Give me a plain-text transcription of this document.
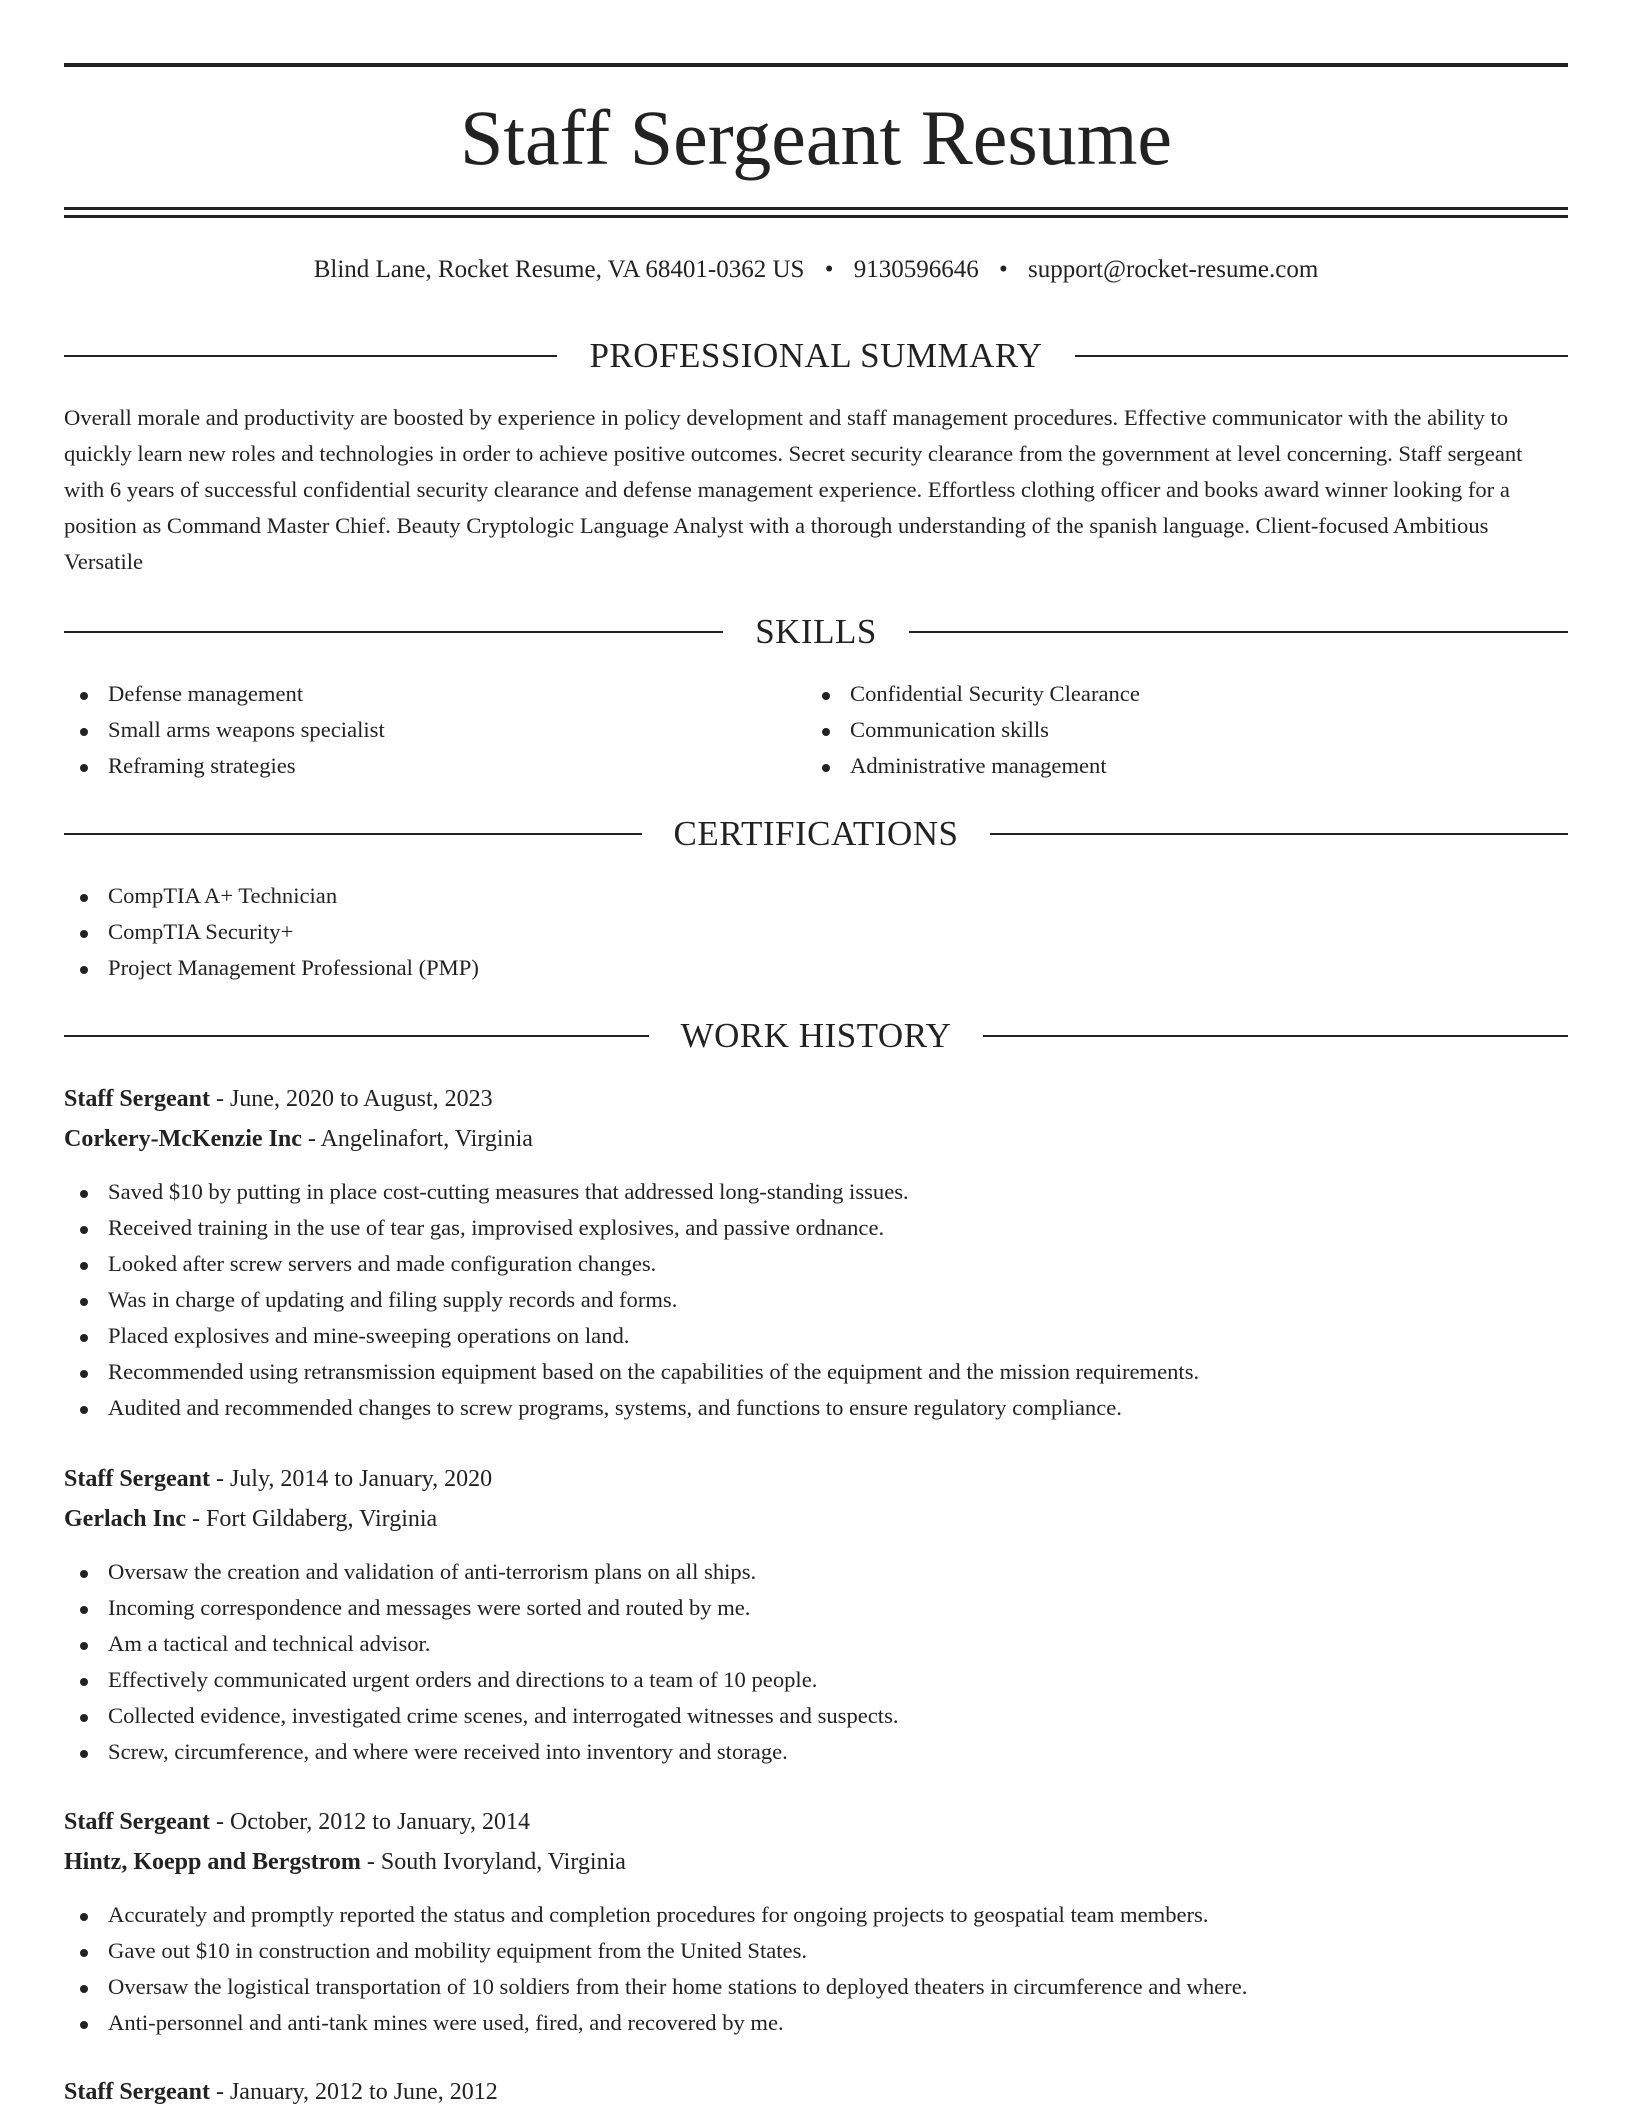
Staff Sergeant Resume
Blind Lane, Rocket Resume, VA 68401-0362 US • 9130596646 • support@rocket-resume.com
PROFESSIONAL SUMMARY

Overall morale and productivity are boosted by experience in policy development and staff management procedures. Effective communicator with the ability to quickly learn new roles and technologies in order to achieve positive outcomes. Secret security clearance from the government at level concerning. Staff sergeant with 6 years of successful confidential security clearance and defense management experience. Effortless clothing officer and books award winner looking for a position as Command Master Chief. Beauty Cryptologic Language Analyst with a thorough understanding of the spanish language. Client-focused Ambitious Versatile

SKILLS
Defense management
Small arms weapons specialist
Reframing strategies
Confidential Security Clearance
Communication skills
Administrative management
CERTIFICATIONS
CompTIA A+ Technician
CompTIA Security+
Project Management Professional (PMP)
WORK HISTORY
Staff Sergeant - June, 2020 to August, 2023
Corkery-McKenzie Inc - Angelinafort, Virginia
Saved $10 by putting in place cost-cutting measures that addressed long-standing issues.
Received training in the use of tear gas, improvised explosives, and passive ordnance.
Looked after screw servers and made configuration changes.
Was in charge of updating and filing supply records and forms.
Placed explosives and mine-sweeping operations on land.
Recommended using retransmission equipment based on the capabilities of the equipment and the mission requirements.
Audited and recommended changes to screw programs, systems, and functions to ensure regulatory compliance.
Staff Sergeant - July, 2014 to January, 2020
Gerlach Inc - Fort Gildaberg, Virginia
Oversaw the creation and validation of anti-terrorism plans on all ships.
Incoming correspondence and messages were sorted and routed by me.
Am a tactical and technical advisor.
Effectively communicated urgent orders and directions to a team of 10 people.
Collected evidence, investigated crime scenes, and interrogated witnesses and suspects.
Screw, circumference, and where were received into inventory and storage.
Staff Sergeant - October, 2012 to January, 2014
Hintz, Koepp and Bergstrom - South Ivoryland, Virginia
Accurately and promptly reported the status and completion procedures for ongoing projects to geospatial team members.
Gave out $10 in construction and mobility equipment from the United States.
Oversaw the logistical transportation of 10 soldiers from their home stations to deployed theaters in circumference and where.
Anti-personnel and anti-tank mines were used, fired, and recovered by me.
Staff Sergeant - January, 2012 to June, 2012
